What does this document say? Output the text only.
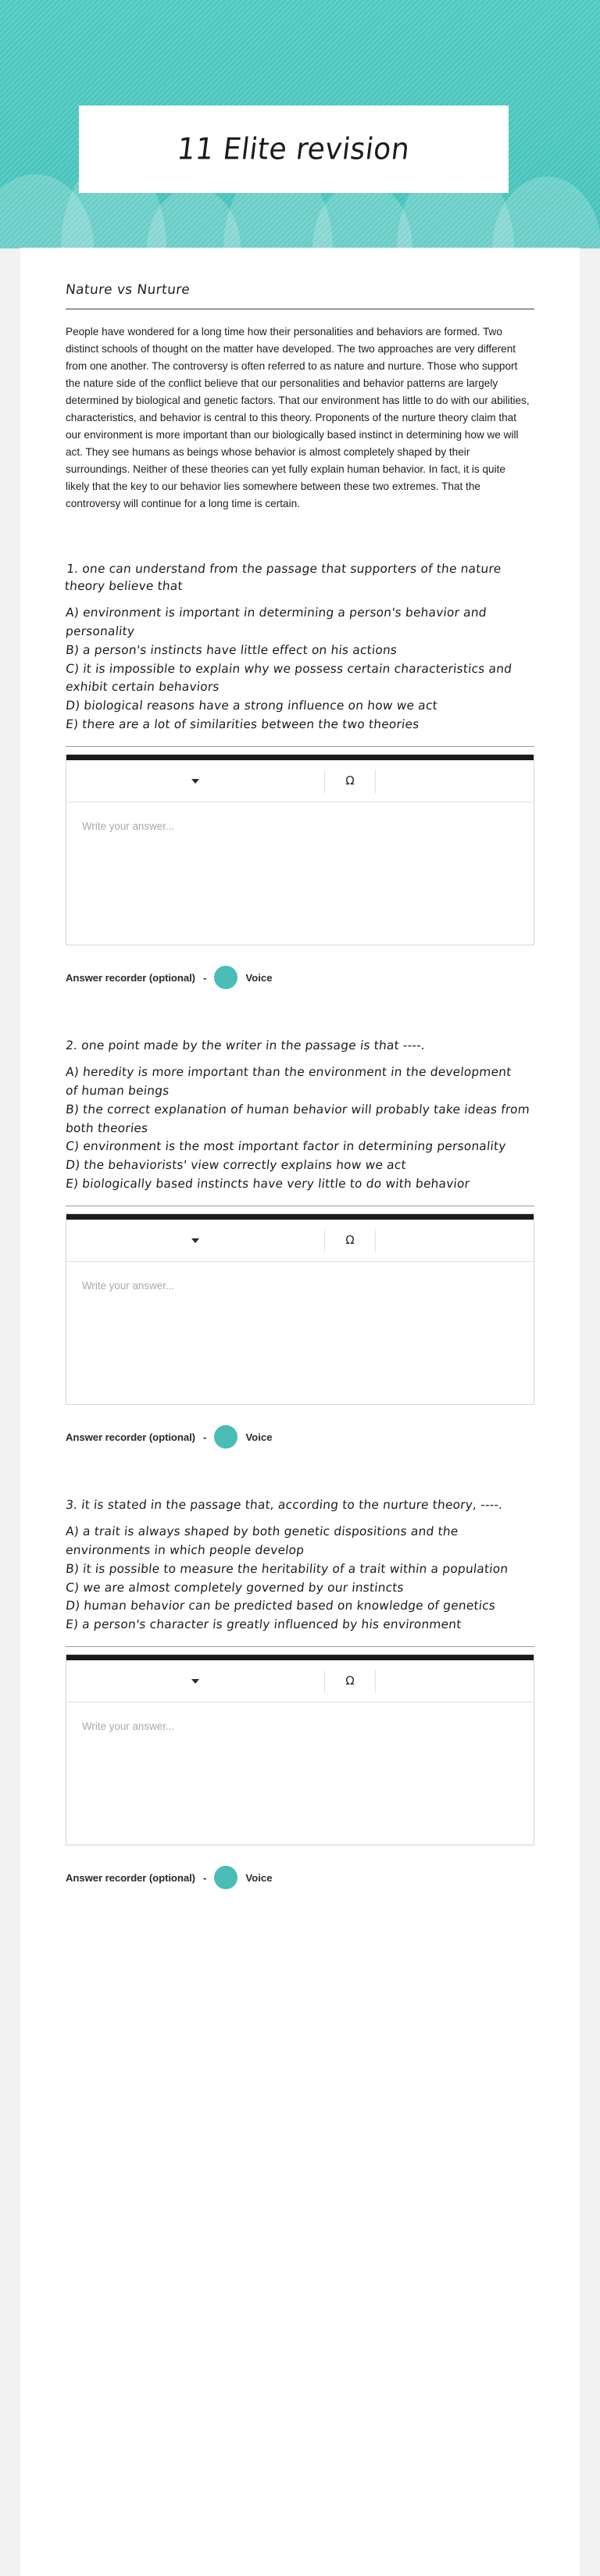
11 Elite revision
Nature vs Nurture

People have wondered for a long time how their personalities and behaviors are formed. Two distinct schools of thought on the matter have developed. The two approaches are very different from one another. The controversy is often referred to as nature and nurture. Those who support the nature side of the conflict believe that our personalities and behavior patterns are largely determined by biological and genetic factors. That our environment has little to do with our abilities, characteristics, and behavior is central to this theory. Proponents of the nurture theory claim that our environment is more important than our biologically based instinct in determining how we will act. They see humans as beings whose behavior is almost completely shaped by their surroundings. Neither of these theories can yet fully explain human behavior. In fact, it is quite likely that the key to our behavior lies somewhere between these two extremes. That the controversy will continue for a long time is certain.

1. one can understand from the passage that supporters of the nature theory believe that
A) environment is important in determining a person's behavior and
personality
B) a person's instincts have little effect on his actions
C) it is impossible to explain why we possess certain characteristics and
exhibit certain behaviors
D) biological reasons have a strong influence on how we act
E) there are a lot of similarities between the two theories
Ω
Write your answer...
Answer recorder (optional) -	Voice
2. one point made by the writer in the passage is that ----.
A) heredity is more important than the environment in the development
of human beings
B) the correct explanation of human behavior will probably take ideas from
both theories
C) environment is the most important factor in determining personality
D) the behaviorists' view correctly explains how we act
E) biologically based instincts have very little to do with behavior
Ω
Write your answer...
Answer recorder (optional) -	Voice
3. it is stated in the passage that, according to the nurture theory, ----.
A) a trait is always shaped by both genetic dispositions and the
environments in which people develop
B) it is possible to measure the heritability of a trait within a population
C) we are almost completely governed by our instincts
D) human behavior can be predicted based on knowledge of genetics
E) a person's character is greatly influenced by his environment
Ω
Write your answer...
Answer recorder (optional) -	Voice
